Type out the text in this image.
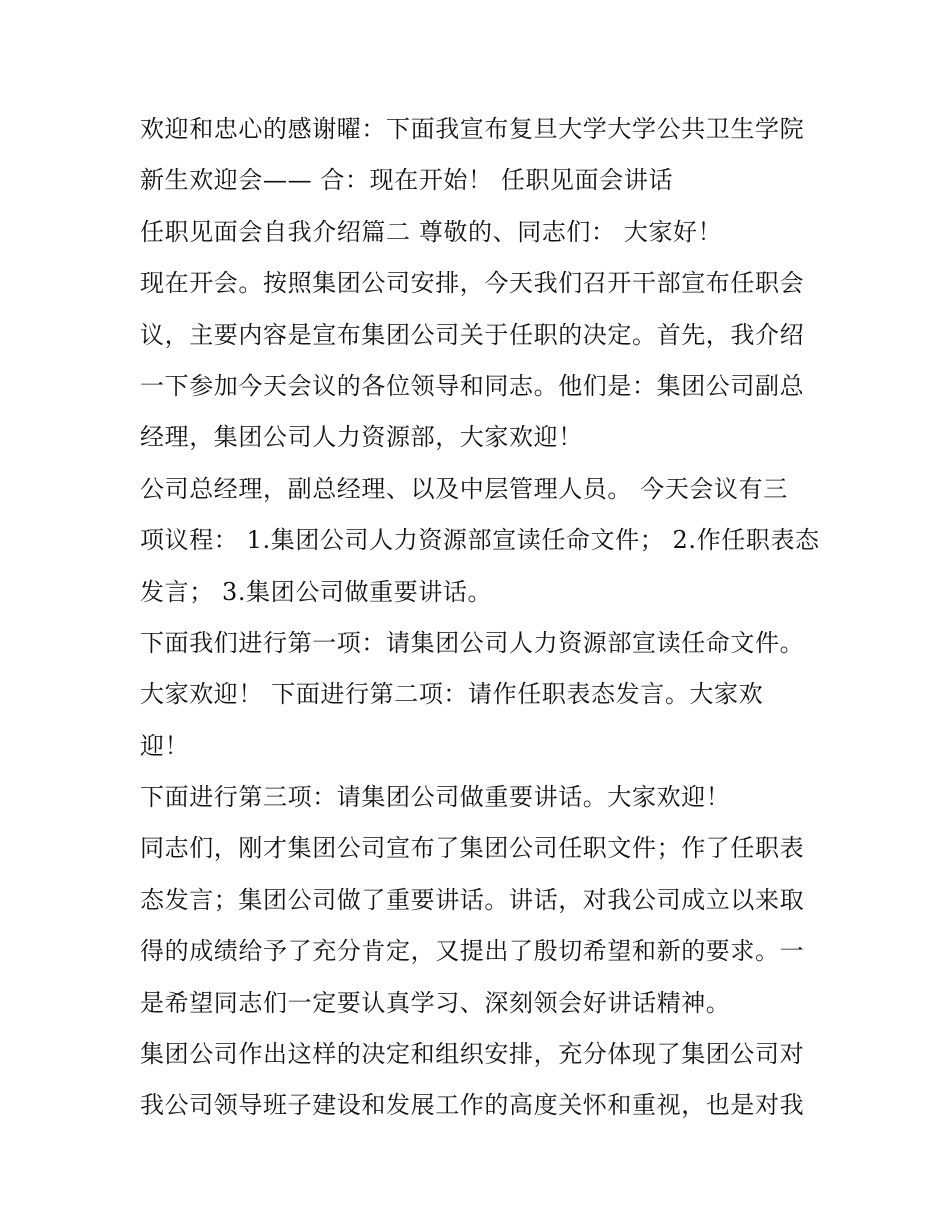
欢迎和忠心的感谢曜：下面我宣布复旦大学大学公共卫生学院
新生欢迎会—— 合：现在开始！ 任职见面会讲话
任职见面会自我介绍篇二 尊敬的、同志们： 大家好！
现在开会。按照集团公司安排，今天我们召开干部宣布任职会
议，主要内容是宣布集团公司关于任职的决定。首先，我介绍
一下参加今天会议的各位领导和同志。他们是：集团公司副总
经理，集团公司人力资源部，大家欢迎！
公司总经理，副总经理、以及中层管理人员。 今天会议有三
项议程： 1.集团公司人力资源部宣读任命文件； 2.作任职表态
发言； 3.集团公司做重要讲话。
下面我们进行第一项：请集团公司人力资源部宣读任命文件。
大家欢迎！ 下面进行第二项：请作任职表态发言。大家欢
迎！
下面进行第三项：请集团公司做重要讲话。大家欢迎！
同志们，刚才集团公司宣布了集团公司任职文件；作了任职表
态发言；集团公司做了重要讲话。讲话，对我公司成立以来取
得的成绩给予了充分肯定，又提出了殷切希望和新的要求。一
是希望同志们一定要认真学习、深刻领会好讲话精神。
集团公司作出这样的决定和组织安排，充分体现了集团公司对
我公司领导班子建设和发展工作的高度关怀和重视，也是对我
